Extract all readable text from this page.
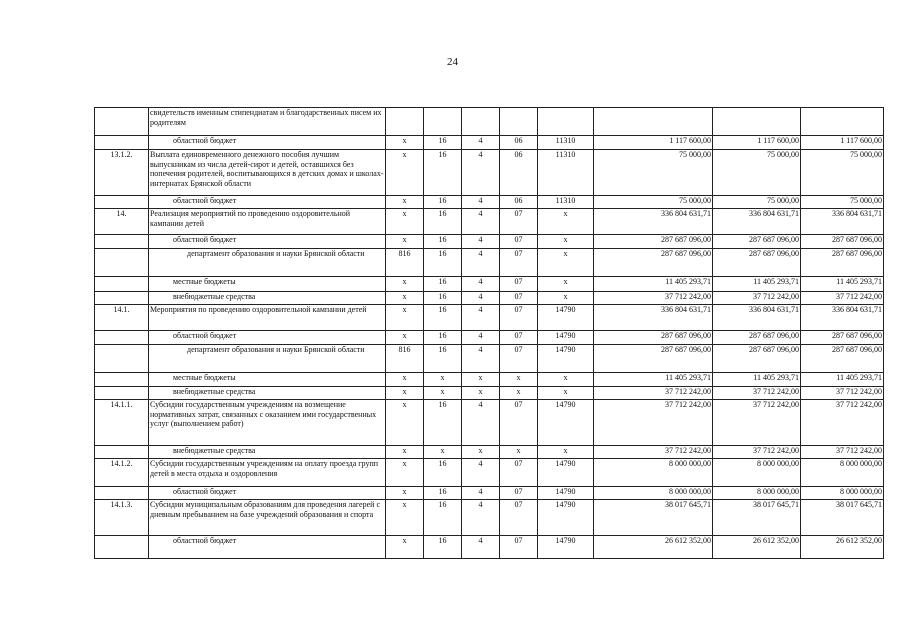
24
	свидетельств именным стипендиатам и благодарственных писем их родителям								
	областной бюджет	x	16	4	06	11310	1 117 600,00	1 117 600,00	1 117 600,00
13.1.2.	Выплата единовременного денежного пособия лучшим выпускникам из числа детей-сирот и детей, оставшихся без попечения родителей, воспитывающихся в детских домах и школах-интернатах Брянской области	x	16	4	06	11310	75 000,00	75 000,00	75 000,00
	областной бюджет	x	16	4	06	11310	75 000,00	75 000,00	75 000,00
14.	Реализация мероприятий по проведению оздоровительной кампании детей	x	16	4	07	x	336 804 631,71	336 804 631,71	336 804 631,71
	областной бюджет	x	16	4	07	x	287 687 096,00	287 687 096,00	287 687 096,00
	департамент образования и науки Брянской области	816	16	4	07	x	287 687 096,00	287 687 096,00	287 687 096,00
	местные бюджеты	x	16	4	07	x	11 405 293,71	11 405 293,71	11 405 293,71
	внебюджетные средства	x	16	4	07	x	37 712 242,00	37 712 242,00	37 712 242,00
14.1.	Мероприятия по проведению оздоровительной кампании детей	x	16	4	07	14790	336 804 631,71	336 804 631,71	336 804 631,71
	областной бюджет	x	16	4	07	14790	287 687 096,00	287 687 096,00	287 687 096,00
	департамент образования и науки Брянской области	816	16	4	07	14790	287 687 096,00	287 687 096,00	287 687 096,00
	местные бюджеты	x	x	x	x	x	11 405 293,71	11 405 293,71	11 405 293,71
	внебюджетные средства	x	x	x	x	x	37 712 242,00	37 712 242,00	37 712 242,00
14.1.1.	Субсидии государственным учреждениям на возмещение нормативных затрат, связанных с оказанием ими государственных услуг (выполнением работ)	x	16	4	07	14790	37 712 242,00	37 712 242,00	37 712 242,00
	внебюджетные средства	x	x	x	x	x	37 712 242,00	37 712 242,00	37 712 242,00
14.1.2.	Субсидии государственным учреждениям на оплату проезда групп детей в места отдыха и оздоровления	x	16	4	07	14790	8 000 000,00	8 000 000,00	8 000 000,00
	областной бюджет	x	16	4	07	14790	8 000 000,00	8 000 000,00	8 000 000,00
14.1.3.	Субсидии муниципальным образованиям для проведения лагерей с дневным пребыванием на базе учреждений образования и спорта	x	16	4	07	14790	38 017 645,71	38 017 645,71	38 017 645,71
	областной бюджет	x	16	4	07	14790	26 612 352,00	26 612 352,00	26 612 352,00
